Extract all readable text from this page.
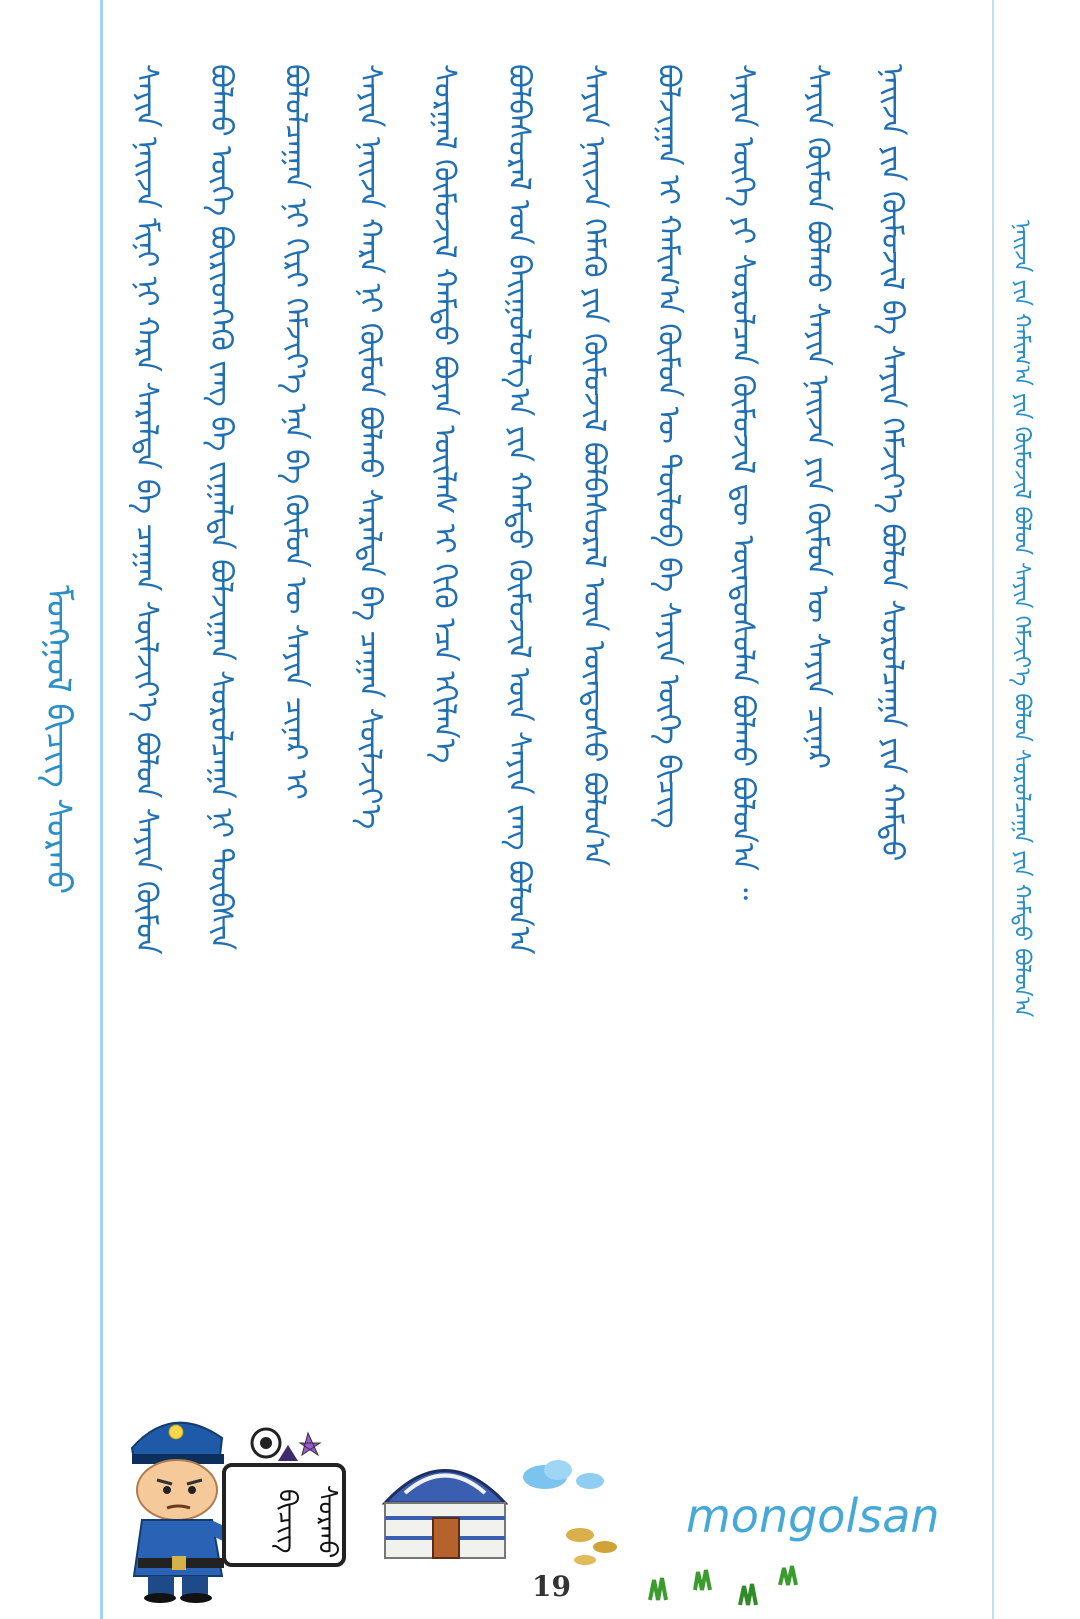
ᠮᠣᠩᠭᠣᠯ ᠪᠢᠴᠢᠭ ᠰᠤᠷᠬᠤ	ᠰᠠᠶᠢᠨ ᠨᠠᠢᠵᠠ ᠮᠢᠨᠢ ᠨᠢ ᠬᠠᠷᠠ ᠰᠠᠷᠠᠯᠲᠠ ᠪᠠ ᠴᠠᠭᠠᠨ ᠰᠦᠯᠵᠢᠶ᠎ᠡ ᠪᠣᠯᠤᠨ ᠰᠠᠶᠢᠨ ᠬᠦᠮᠦᠨ	ᠪᠣᠯᠬᠤ ᠦᠭᠡ ᠪᠦᠷᠢᠳᠬᠡᠬᠦ ᠵᠠᠩ ᠪᠠ ᠵᠢᠭᠠᠯᠲᠠ ᠪᠣᠯᠵᠢᠭᠠᠨ ᠰᠤᠷᠤᠯᠴᠠᠭᠠ ᠨᠢ ᠲᠦᠪᠰᠢᠨ	ᠪᠣᠯᠤᠯᠴᠠᠭᠠᠨ ᠨᠢ ᠬᠢᠷᠢ ᠬᠡᠮᠵᠢᠶ᠎ᠡ ᠡᠨᠡ ᠪᠠ ᠬᠦᠮᠦᠨ ᠦ ᠰᠠᠶᠢᠨ ᠴᠢᠨᠠᠷ ᠢ	ᠰᠠᠶᠢᠨ ᠨᠠᠢᠵᠠ ᠬᠠᠷᠠ ᠨᠢ ᠬᠦᠮᠦᠨ ᠪᠣᠯᠬᠤ ᠰᠠᠷᠠᠯᠲᠠ ᠪᠠ ᠴᠠᠭᠠᠨ ᠰᠦᠯᠵᠢᠶ᠎ᠡ	ᠰᠤᠷᠭᠠᠯ ᠬᠦᠮᠦᠵᠢᠯ ᠬᠠᠮᠲᠤ ᠪᠤᠶᠠᠨ ᠦᠢᠯᠡᠰ ᠢ ᠬᠢᠬᠦ ᠡᠴᠡ ᠡᠬᠢᠯᠡᠨ᠎ᠡ	ᠪᠣᠯᠪᠠᠰᠤᠷᠠᠯ ᠤᠨ ᠪᠠᠢᠭᠤᠯᠤᠯᠭ᠎ᠠ ᠶᠢᠨ ᠬᠠᠮᠲᠤ ᠬᠦᠮᠦᠵᠢᠯ ᠦᠨ ᠰᠠᠶᠢᠨ ᠵᠠᠩ ᠪᠣᠯᠤᠨ᠎ᠠ	ᠰᠠᠶᠢᠨ ᠨᠠᠢᠵᠠ ᠬᠡᠮᠡᠬᠦ ᠶᠢᠨ ᠬᠦᠮᠦᠵᠢᠯ ᠪᠣᠯᠪᠠᠰᠤᠷᠠᠯ ᠦᠨ ᠦᠨᠳᠦᠰᠦ ᠪᠣᠯᠤᠨ᠎ᠠ	ᠪᠣᠯᠵᠢᠭᠠᠨ ᠢ ᠬᠠᠮᠢᠭ᠎ᠠ ᠬᠦᠮᠦᠨ ᠦ ᠲᠥᠯᠦᠪ ᠪᠠ ᠰᠠᠶᠢᠨ ᠦᠭᠡ ᠪᠢᠴᠢᠭ	ᠰᠠᠶᠢᠨ ᠦᠭᠡ ᠶᠢ ᠰᠤᠷᠤᠯᠴᠠᠨ ᠬᠦᠮᠦᠵᠢᠯ ᠳᠦ ᠦᠨᠳᠦᠰᠦᠯᠡᠨ ᠪᠣᠯᠬᠤ ᠪᠣᠯᠤᠨ᠎ᠠ ᠃	ᠰᠠᠶᠢᠨ ᠬᠦᠮᠦᠨ ᠪᠣᠯᠬᠤ ᠰᠠᠶᠢᠨ ᠨᠠᠢᠵᠠ ᠶᠢᠨ ᠬᠦᠮᠦᠨ ᠦ ᠰᠠᠶᠢᠨ ᠴᠢᠨᠠᠷ	ᠨᠠᠢᠵᠠ ᠶᠢᠨ ᠬᠦᠮᠦᠵᠢᠯ ᠪᠠ ᠰᠠᠶᠢᠨ ᠬᠡᠮᠵᠢᠶ᠎ᠡ ᠪᠣᠯᠤᠨ ᠰᠤᠷᠤᠯᠴᠠᠭᠠ ᠶᠢᠨ ᠬᠠᠮᠲᠤ	ᠨᠠᠢᠵᠠ ᠶᠢᠨ ᠬᠠᠮᠢᠭ᠎ᠠ ᠶᠢᠨ ᠬᠦᠮᠦᠵᠢᠯ ᠪᠣᠯᠤᠨ ᠰᠠᠶᠢᠨ ᠬᠡᠮᠵᠢᠶ᠎ᠡ ᠪᠣᠯᠤᠨ ᠰᠤᠷᠤᠯᠴᠠᠭᠠ ᠶᠢᠨ ᠬᠠᠮᠲᠤ ᠪᠣᠯᠤᠨ᠎ᠠ
ᠪᠢᠴᠢᠭ ᠰᠤᠷᠬᠤ	mongolsan
19
